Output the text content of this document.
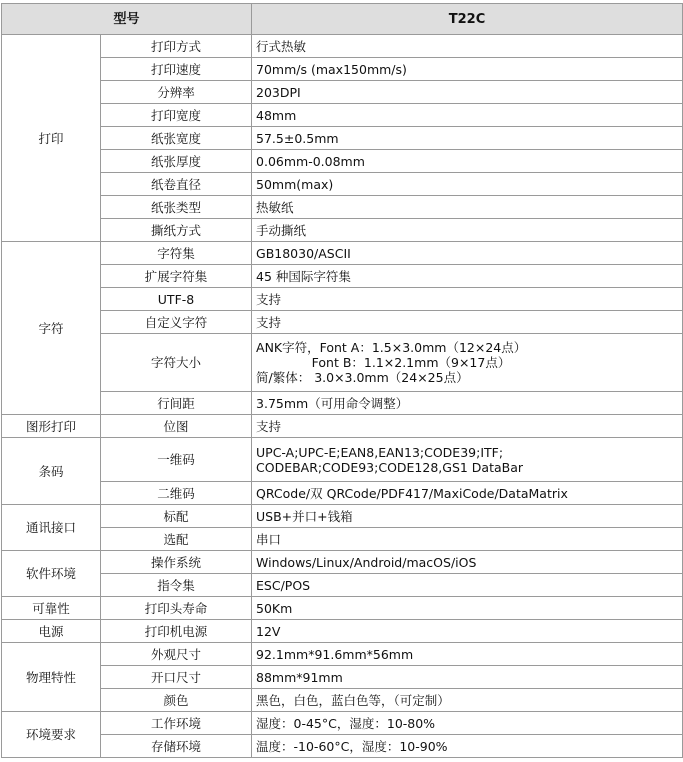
型号		T22C
打印	打印方式	行式热敏
	打印速度	70mm/s (max150mm/s)
	分辨率	203DPI
	打印宽度	48mm
	纸张宽度	57.5±0.5mm
	纸张厚度	0.06mm-0.08mm
	纸卷直径	50mm(max)
	纸张类型	热敏纸
	撕纸方式	手动撕纸
字符	字符集	GB18030/ASCII
	扩展字符集	45 种国际字符集
	UTF-8	支持
	自定义字符	支持
	字符大小	ANK字符，Font A：1.5×3.0mm（12×24点）
Font B：1.1×2.1mm（9×17点）
简/繁体： 3.0×3.0mm（24×25点）
	行间距	3.75mm（可用命令调整）
图形打印	位图	支持
条码	一维码	UPC-A;UPC-E;EAN8,EAN13;CODE39;ITF;
CODEBAR;CODE93;CODE128,GS1 DataBar
	二维码	QRCode/双 QRCode/PDF417/MaxiCode/DataMatrix
通讯接口	标配	USB+并口+钱箱
	选配	串口
软件环境	操作系统	Windows/Linux/Android/macOS/iOS
	指令集	ESC/POS
可靠性	打印头寿命	50Km
电源	打印机电源	12V
物理特性	外观尺寸	92.1mm*91.6mm*56mm
	开口尺寸	88mm*91mm
	颜色	黑色，白色，蓝白色等，（可定制）
环境要求	工作环境	湿度：0-45°C，湿度：10-80%
	存储环境	温度：-10-60°C，湿度：10-90%
